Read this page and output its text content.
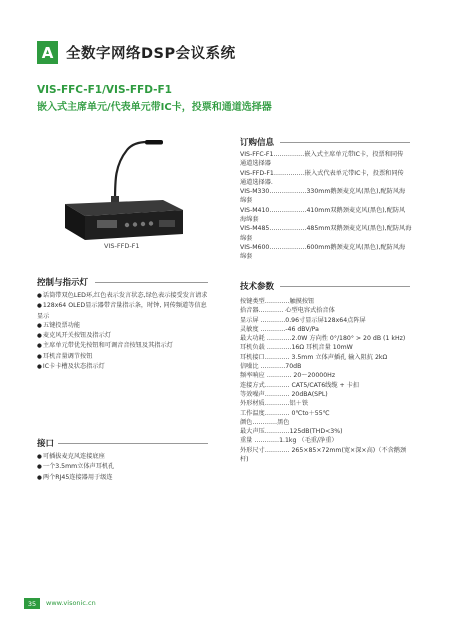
A 全数字网络DSP会议系统
VIS-FFC-F1/VIS-FFD-F1
嵌入式主席单元/代表单元带IC卡，投票和通道选择器
VIS-FFD-F1
订购信息

VIS-FFC-F1……………嵌入式主席单元带IC卡，投票和同传

通道选择器

VIS-FFD-F1……………嵌入式代表单元带IC卡，投票和同传

通道选择器.

VIS-M330………………330mm鹅颈麦克风(黑色),配防风海

绵套

VIS-M410………………410mm双鹅颈麦克风(黑色),配防风

海绵套

VIS-M485………………485mm双鹅颈麦克风(黑色),配防风海

绵套

VIS-M600………………600mm鹅颈麦克风(黑色),配防风海

绵套

控制与指示灯

● 话筒带双色LED环,红色表示发言状态,绿色表示接受发言请求

● 128x64 OLED显示器带音量指示条，时钟, 同传频道等信息

显示

● 五键投票功能

● 麦克风开关按钮及指示灯

● 主席单元带优先按钮和可调音音按钮及其指示灯

● 耳机音量调节按钮

● IC卡卡槽及状态指示灯

接口

● 可插拔麦克风连接底座

● 一个3.5mm立体声耳机孔

● 两个RJ45连接器用于级连

技术参数

按键类型…………触摸按钮

拾音器………… 心型电容式拾音体

显示屏 …………0.96寸显示屏128x64点阵屏

灵敏度 …………-46 dBV/Pa

最大功耗 …………2.0W 方向性 0°/180° > 20 dB (1 kHz)

耳机负载 …………16Ω 耳机音量 10mW

耳机接口………… 3.5mm 立体声插孔 输入阻抗 2kΩ

信噪比 …………70dB

频率响应 ………… 20～20000Hz

连接方式………… CAT5/CAT6线缆 + 卡扣

等效噪声………… 20dBA(SPL)

外形材质…………铝＋铁

工作温度………… 0℃to＋55℃

颜色…………黑色

最大声压…………125dB(THD<3%)

重量 …………1.1kg （毛重/净重）

外形尺寸………… 265×85×72mm(宽×深×高)（不含鹅颈

杆)

35	www.visonic.cn
